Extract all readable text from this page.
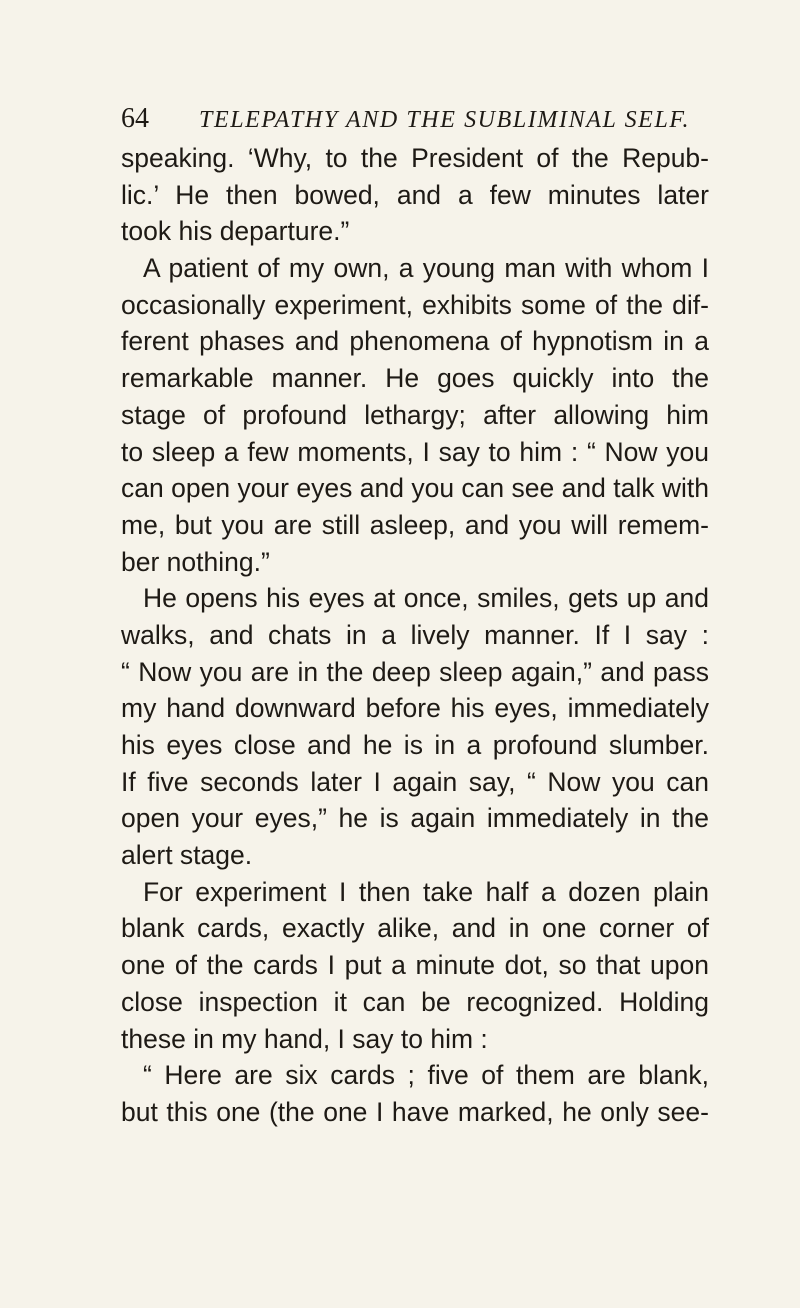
64 TELEPATHY AND THE SUBLIMINAL SELF.
speaking. ‘Why, to the President of the Repub-
lic.’ He then bowed, and a few minutes later
took his departure.”
A patient of my own, a young man with whom I
occasionally experiment, exhibits some of the dif-
ferent phases and phenomena of hypnotism in a
remarkable manner. He goes quickly into the
stage of profound lethargy; after allowing him
to sleep a few moments, I say to him : “ Now you
can open your eyes and you can see and talk with
me, but you are still asleep, and you will remem-
ber nothing.”
He opens his eyes at once, smiles, gets up and
walks, and chats in a lively manner. If I say :
“ Now you are in the deep sleep again,” and pass
my hand downward before his eyes, immediately
his eyes close and he is in a profound slumber.
If five seconds later I again say, “ Now you can
open your eyes,” he is again immediately in the
alert stage.
For experiment I then take half a dozen plain
blank cards, exactly alike, and in one corner of
one of the cards I put a minute dot, so that upon
close inspection it can be recognized. Holding
these in my hand, I say to him :
“ Here are six cards ; five of them are blank,
but this one (the one I have marked, he only see-
